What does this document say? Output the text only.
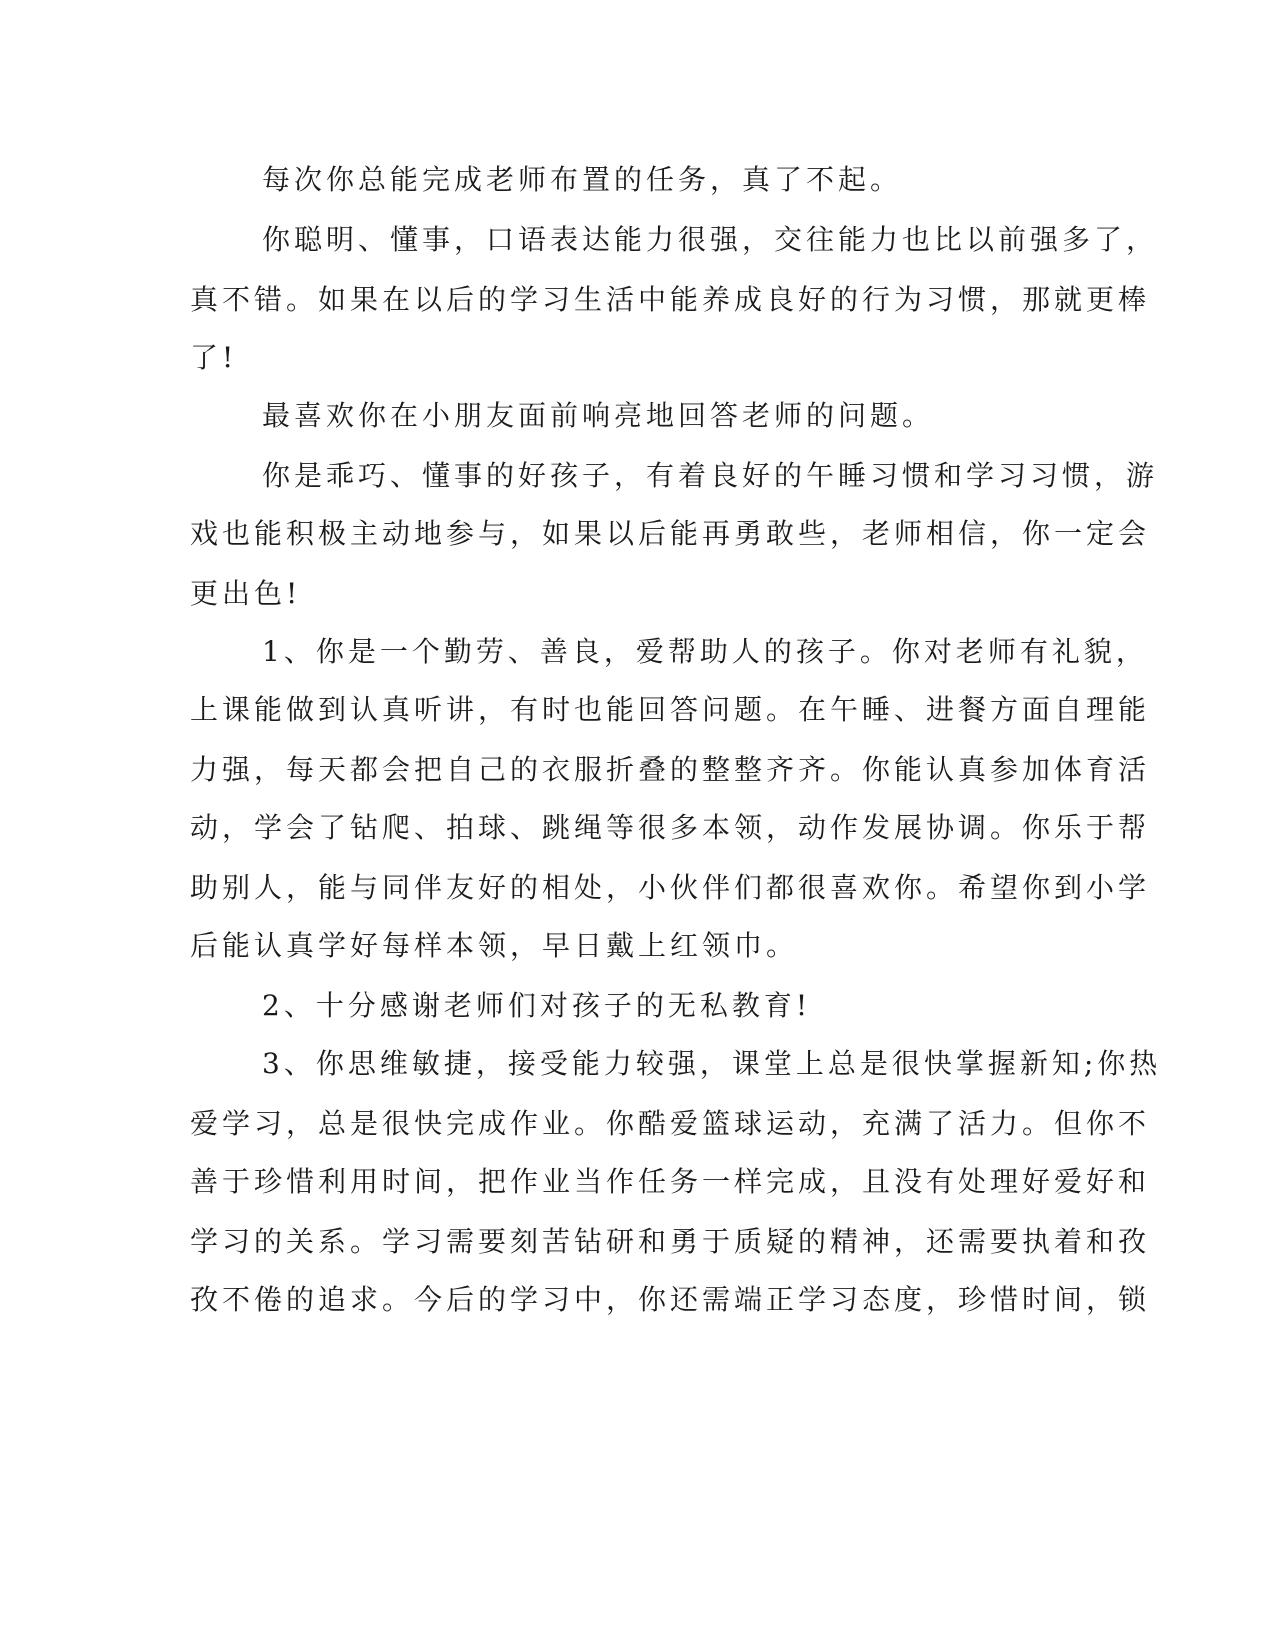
每次你总能完成老师布置的任务，真了不起。
你聪明、懂事，口语表达能力很强，交往能力也比以前强多了，
真不错。如果在以后的学习生活中能养成良好的行为习惯，那就更棒
了!
最喜欢你在小朋友面前响亮地回答老师的问题。
你是乖巧、懂事的好孩子，有着良好的午睡习惯和学习习惯，游
戏也能积极主动地参与，如果以后能再勇敢些，老师相信，你一定会
更出色!
1、你是一个勤劳、善良，爱帮助人的孩子。你对老师有礼貌，
上课能做到认真听讲，有时也能回答问题。在午睡、进餐方面自理能
力强，每天都会把自己的衣服折叠的整整齐齐。你能认真参加体育活
动，学会了钻爬、拍球、跳绳等很多本领，动作发展协调。你乐于帮
助别人，能与同伴友好的相处，小伙伴们都很喜欢你。希望你到小学
后能认真学好每样本领，早日戴上红领巾。
2、十分感谢老师们对孩子的无私教育!
3、你思维敏捷，接受能力较强，课堂上总是很快掌握新知;你热
爱学习，总是很快完成作业。你酷爱篮球运动，充满了活力。但你不
善于珍惜利用时间，把作业当作任务一样完成，且没有处理好爱好和
学习的关系。学习需要刻苦钻研和勇于质疑的精神，还需要执着和孜
孜不倦的追求。今后的学习中，你还需端正学习态度，珍惜时间，锁
